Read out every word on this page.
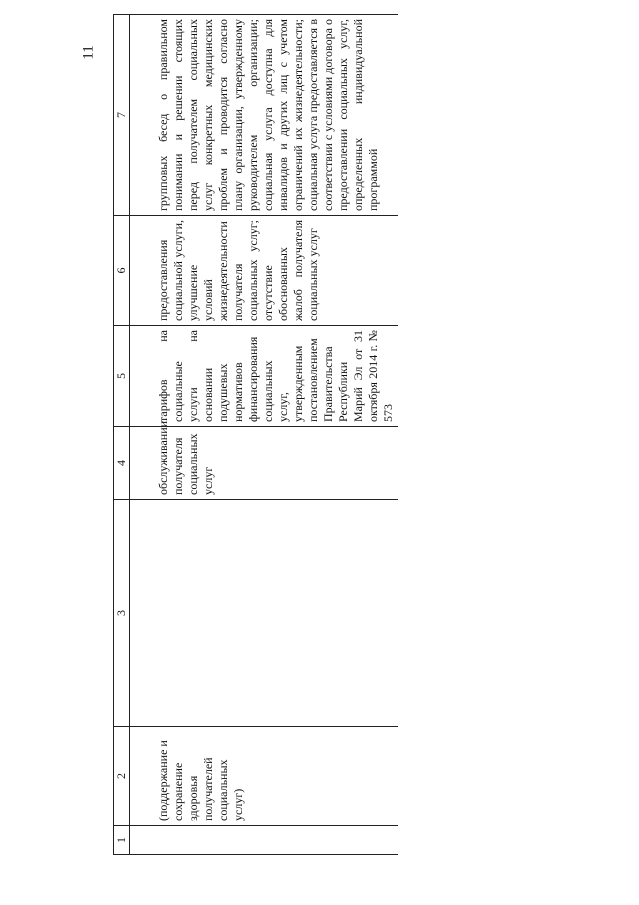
11
1	2	3	4	5	6	7
	(поддержание и сохранение здоровья получателей социальных услуг)		обслуживании получателя социальных услуг	тарифов на социальные услуги на основании подушевых нормативов финансирования социальных услуг, утвержденным постановлением Правительства Республики Марий Эл от 31 октября 2014 г. № 573	предоставления социальной услуги, улучшение условий жизнедеятельности получателя социальных услуг; отсутствие обоснованных жалоб получателя социальных услуг	групповых бесед о правильном понимании и решении стоящих перед получателем социальных услуг конкретных медицинских проблем и проводится согласно плану организации, утвержденному руководителем организации; социальная услуга доступна для инвалидов и других лиц с учетом ограничений их жизнедеятельности; социальная услуга предоставляется в соответствии с условиями договора о предоставлении социальных услуг, определенных индивидуальной программой
